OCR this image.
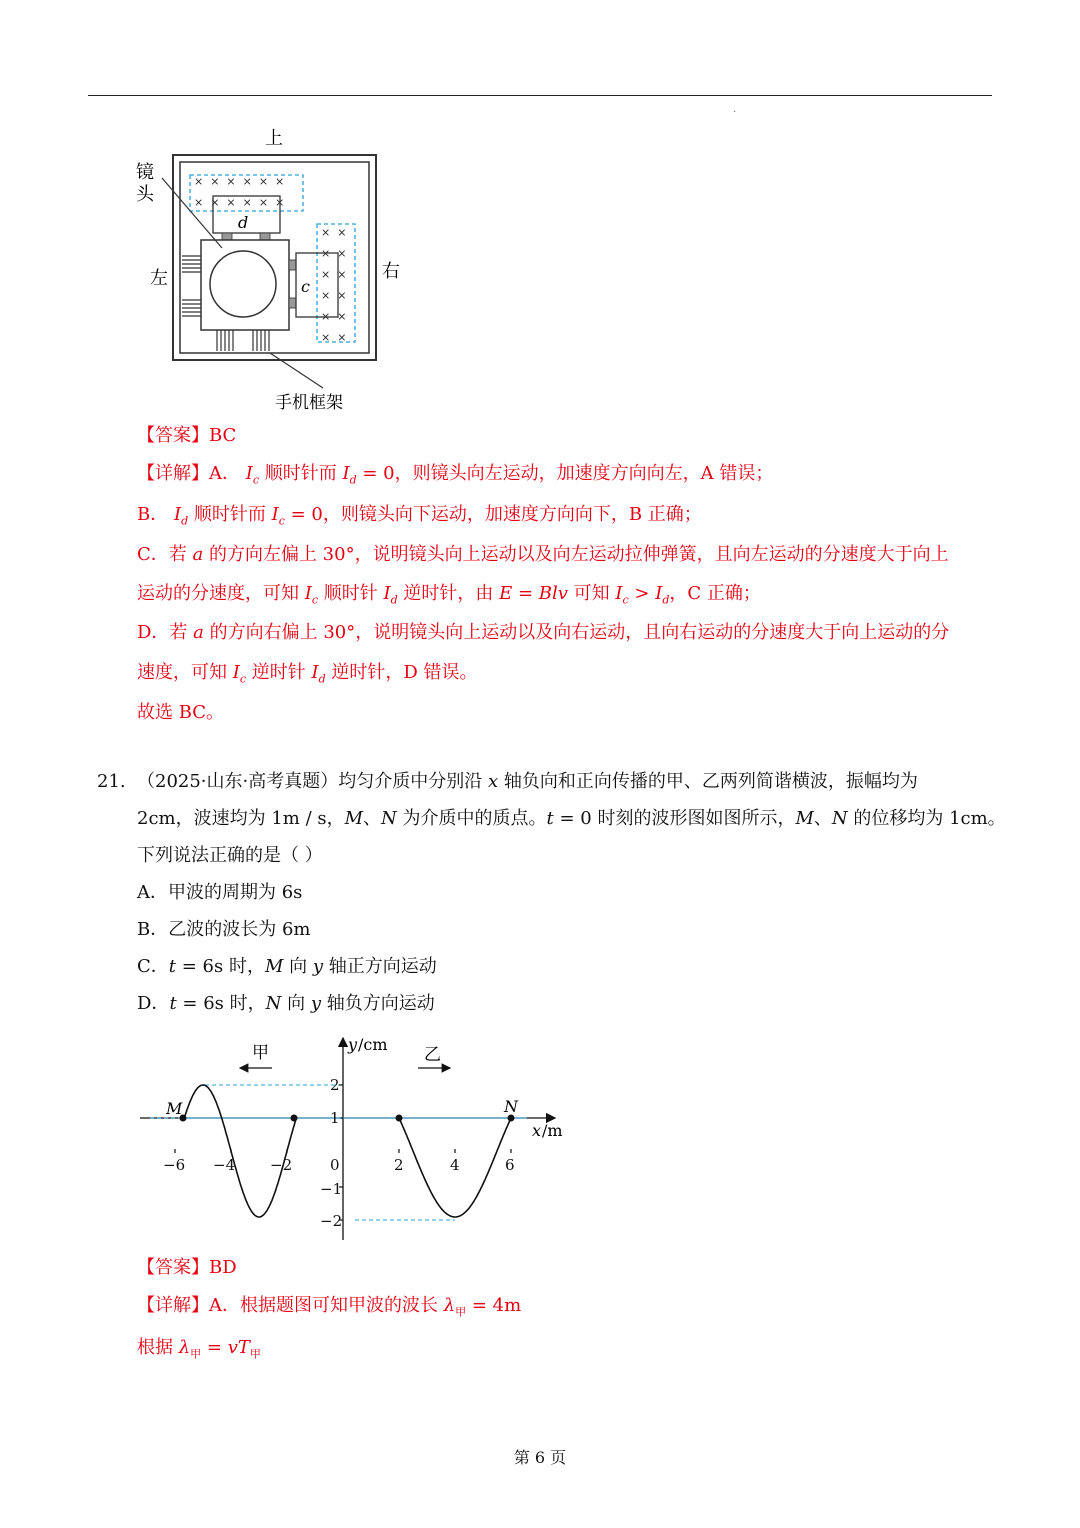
·
上
镜
头
左	右
×  ×  ×  ×  ×  ×
×  ×  ×  ×  ×  ×
d
×  ×
×  ×
×  ×
×  ×
×  ×
×  ×
c
手机框架
【答案】BC
【详解】A． $I_c$ 顺时针而 $I_d = 0$，则镜头向左运动，加速度方向向左，A 错误；
B． $I_d$ 顺时针而 $I_c = 0$，则镜头向下运动，加速度方向向下，B 正确；
C．若 a 的方向左偏上 30°，说明镜头向上运动以及向左运动拉伸弹簧，且向左运动的分速度大于向上
运动的分速度，可知 $I_c$ 顺时针 $I_d$ 逆时针，由 E = Blv 可知 $I_c > I_d$，C 正确；
D．若 a 的方向右偏上 30°，说明镜头向上运动以及向右运动，且向右运动的分速度大于向上运动的分
速度，可知 $I_c$ 逆时针 $I_d$ 逆时针，D 错误。
故选 BC。
21. （2025·山东·高考真题）均匀介质中分别沿 x 轴负向和正向传播的甲、乙两列简谐横波，振幅均为
2cm，波速均为 1m / s，M、N 为介质中的质点。t = 0 时刻的波形图如图所示，M、N 的位移均为 1cm。
下列说法正确的是（ ）
A．甲波的周期为 6s
B．乙波的波长为 6m
C．t = 6s 时，M 向 y 轴正方向运动
D．t = 6s 时，N 向 y 轴负方向运动
y /cm
x /m
甲	乙
−6 −4 −2	0	2	4	6
2
1
−1
−2
M	N
【答案】BD
【详解】A．根据题图可知甲波的波长 $\lambda_甲 = 4m$
根据 $\lambda_甲 = vT_甲$
第 6 页
